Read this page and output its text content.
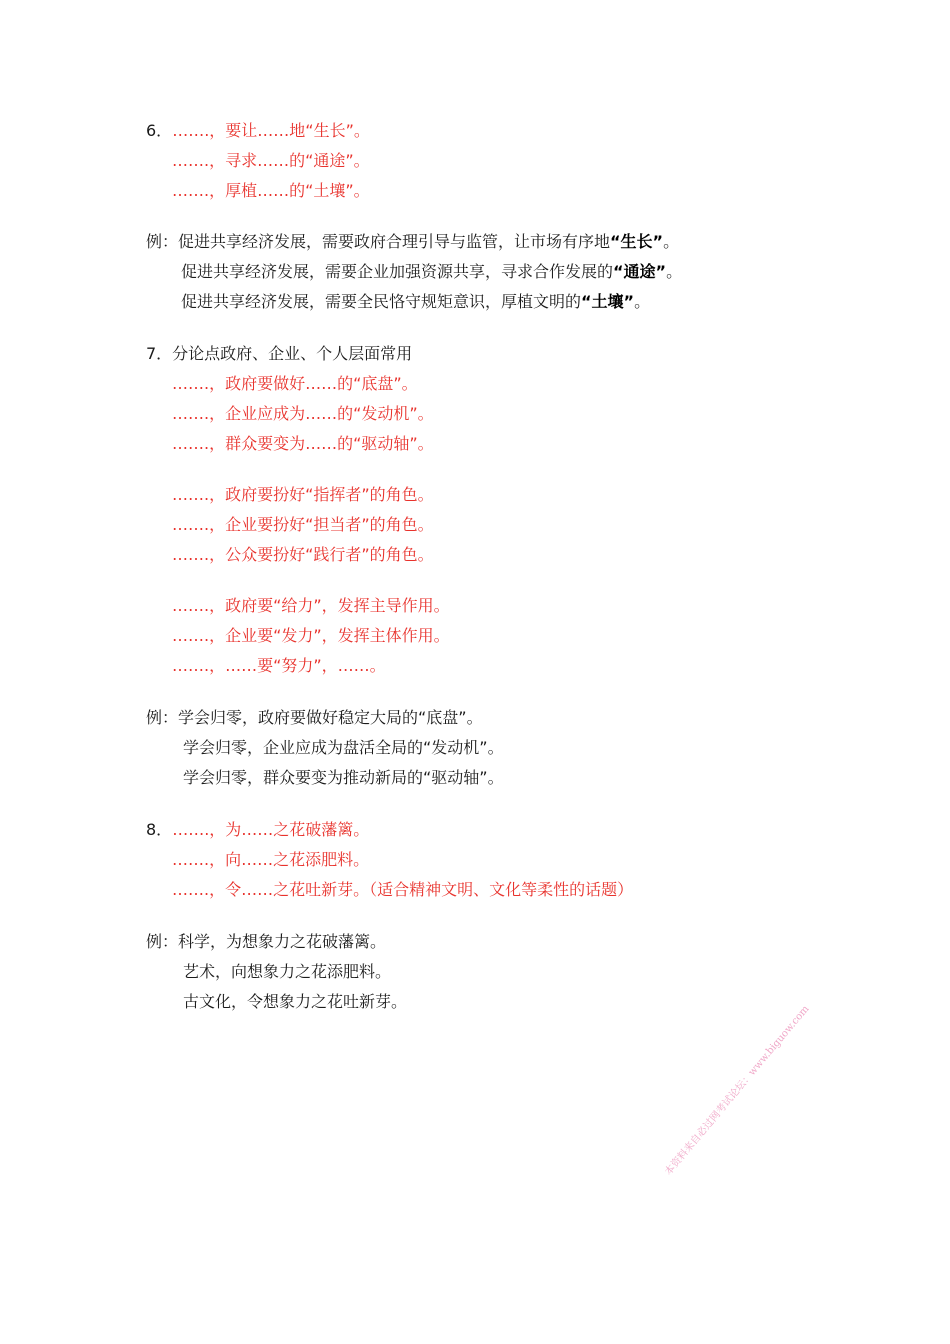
6．…….，要让……地“生长”。
…….，寻求……的“通途”。
…….，厚植……的“土壤”。
例：促进共享经济发展，需要政府合理引导与监管，让市场有序地“生长”。
促进共享经济发展，需要企业加强资源共享，寻求合作发展的“通途”。
促进共享经济发展，需要全民恪守规矩意识，厚植文明的“土壤”。
7．分论点政府、企业、个人层面常用
…….，政府要做好……的“底盘”。
…….，企业应成为……的“发动机”。
…….，群众要变为……的“驱动轴”。
…….，政府要扮好“指挥者”的角色。
…….，企业要扮好“担当者”的角色。
…….，公众要扮好“践行者”的角色。
…….，政府要“给力”，发挥主导作用。
…….，企业要“发力”，发挥主体作用。
…….，……要“努力”，……。
例：学会归零，政府要做好稳定大局的“底盘”。
学会归零，企业应成为盘活全局的“发动机”。
学会归零，群众要变为推动新局的“驱动轴”。
8．…….，为……之花破藩篱。
…….，向……之花添肥料。
…….，令……之花吐新芽。（适合精神文明、文化等柔性的话题）
例：科学，为想象力之花破藩篱。
艺术，向想象力之花添肥料。
古文化，令想象力之花吐新芽。
本资料来自必过网考试论坛：www.biguow.com
